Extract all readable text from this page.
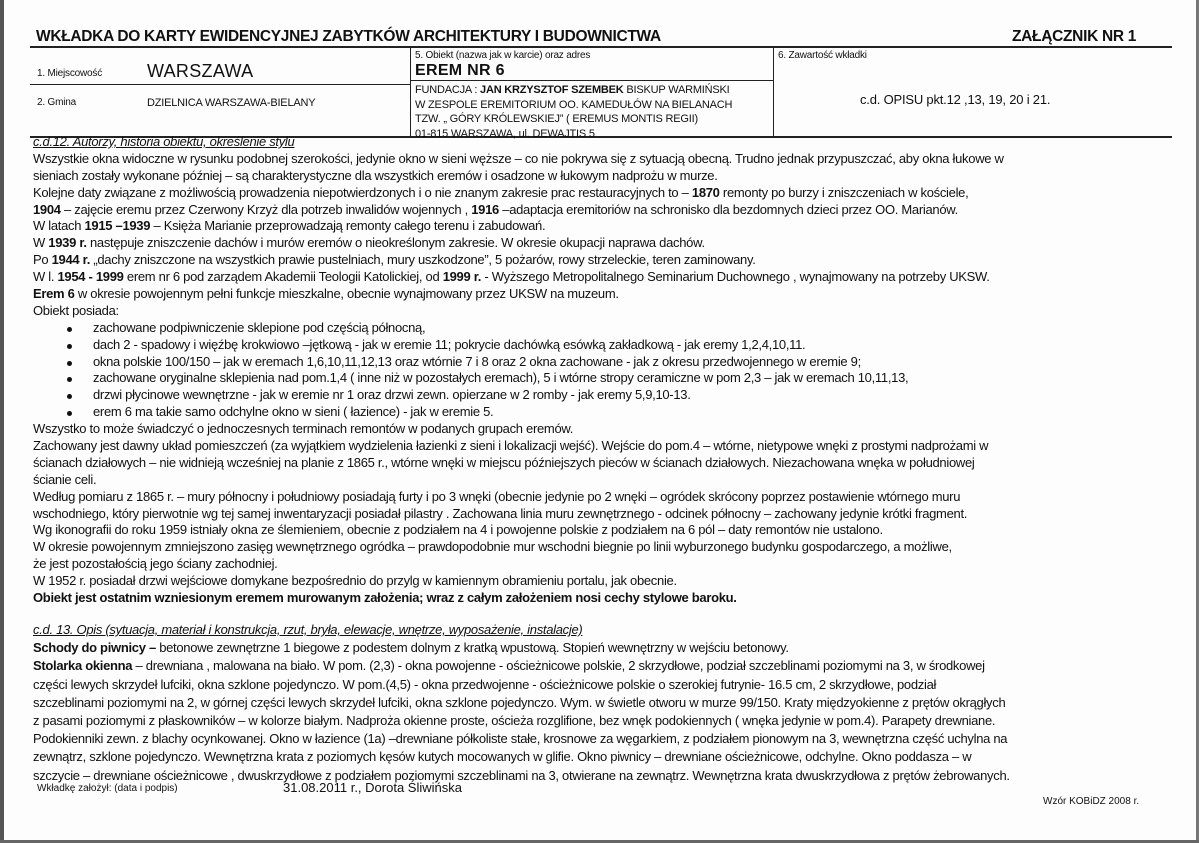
WKŁADKA DO KARTY EWIDENCYJNEJ ZABYTKÓW ARCHITEKTURY I BUDOWNICTWA	ZAŁĄCZNIK NR 1
1. Miejscowość	WARSZAWA
2. Gmina	DZIELNICA WARSZAWA-BIELANY
5. Obiekt (nazwa jak w karcie) oraz adres
EREM NR 6
FUNDACJA : JAN KRZYSZTOF SZEMBEK BISKUP WARMIŃSKI
W ZESPOLE EREMITORIUM OO. KAMEDUŁÓW NA BIELANACH
TZW. „ GÓRY KRÓLEWSKIEJ” ( EREMUS MONTIS REGII)
01-815 WARSZAWA, ul. DEWAJTIS 5
6. Zawartość wkładki
c.d. OPISU pkt.12 ,13, 19, 20 i 21.
c.d.12. Autorzy, historia obiektu, określenie stylu
Wszystkie okna widoczne w rysunku podobnej szerokości, jedynie okno w sieni węższe – co nie pokrywa się z sytuacją obecną. Trudno jednak przypuszczać, aby okna łukowe w
sieniach zostały wykonane później – są charakterystyczne dla wszystkich eremów i osadzone w łukowym nadprożu w murze.
Kolejne daty związane z możliwością prowadzenia niepotwierdzonych i o nie znanym zakresie prac restauracyjnych to – 1870 remonty po burzy i zniszczeniach w kościele,
1904 – zajęcie eremu przez Czerwony Krzyż dla potrzeb inwalidów wojennych , 1916 –adaptacja eremitoriów na schronisko dla bezdomnych dzieci przez OO. Marianów.
W latach 1915 –1939 – Księża Marianie przeprowadzają remonty całego terenu i zabudowań.
W 1939 r. następuje zniszczenie dachów i murów eremów o nieokreślonym zakresie. W okresie okupacji naprawa dachów.
Po 1944 r. „dachy zniszczone na wszystkich prawie pustelniach, mury uszkodzone”, 5 pożarów, rowy strzeleckie, teren zaminowany.
W l. 1954 - 1999 erem nr 6 pod zarządem Akademii Teologii Katolickiej, od 1999 r. - Wyższego Metropolitalnego Seminarium Duchownego , wynajmowany na potrzeby UKSW.
Erem 6 w okresie powojennym pełni funkcje mieszkalne, obecnie wynajmowany przez UKSW na muzeum.
Obiekt posiada:
zachowane podpiwniczenie sklepione pod częścią północną,
dach 2 - spadowy i więźbę krokwiowo –jętkową - jak w eremie 11; pokrycie dachówką esówką zakładkową - jak eremy 1,2,4,10,11.
okna polskie 100/150 – jak w eremach 1,6,10,11,12,13 oraz wtórnie 7 i 8 oraz 2 okna zachowane - jak z okresu przedwojennego w eremie 9;
zachowane oryginalne sklepienia nad pom.1,4 ( inne niż w pozostałych eremach), 5 i wtórne stropy ceramiczne w pom 2,3 – jak w eremach 10,11,13,
drzwi płycinowe wewnętrzne - jak w eremie nr 1 oraz drzwi zewn. opierzane w 2 romby - jak eremy 5,9,10-13.
erem 6 ma takie samo odchylne okno w sieni ( łazience) - jak w eremie 5.
Wszystko to może świadczyć o jednoczesnych terminach remontów w podanych grupach eremów.
Zachowany jest dawny układ pomieszczeń (za wyjątkiem wydzielenia łazienki z sieni i lokalizacji wejść). Wejście do pom.4 – wtórne, nietypowe wnęki z prostymi nadprożami w
ścianach działowych – nie widnieją wcześniej na planie z 1865 r., wtórne wnęki w miejscu późniejszych pieców w ścianach działowych. Niezachowana wnęka w południowej
ścianie celi.
Według pomiaru z 1865 r. – mury północny i południowy posiadają furty i po 3 wnęki (obecnie jedynie po 2 wnęki – ogródek skrócony poprzez postawienie wtórnego muru
wschodniego, który pierwotnie wg tej samej inwentaryzacji posiadał pilastry . Zachowana linia muru zewnętrznego - odcinek północny – zachowany jedynie krótki fragment.
Wg ikonografii do roku 1959 istniały okna ze ślemieniem, obecnie z podziałem na 4 i powojenne polskie z podziałem na 6 pól – daty remontów nie ustalono.
W okresie powojennym zmniejszono zasięg wewnętrznego ogródka – prawdopodobnie mur wschodni biegnie po linii wyburzonego budynku gospodarczego, a możliwe,
że jest pozostałością jego ściany zachodniej.
W 1952 r. posiadał drzwi wejściowe domykane bezpośrednio do przylg w kamiennym obramieniu portalu, jak obecnie.
Obiekt jest ostatnim wzniesionym eremem murowanym założenia; wraz z całym założeniem nosi cechy stylowe baroku.
c.d. 13. Opis (sytuacja, materiał i konstrukcja, rzut, bryła, elewacje, wnętrze, wyposażenie, instalacje)
Schody do piwnicy – betonowe zewnętrzne 1 biegowe z podestem dolnym z kratką wpustową. Stopień wewnętrzny w wejściu betonowy.
Stolarka okienna – drewniana , malowana na biało. W pom. (2,3) - okna powojenne - ościeżnicowe polskie, 2 skrzydłowe, podział szczeblinami poziomymi na 3, w środkowej
części lewych skrzydeł lufciki, okna szklone pojedynczo. W pom.(4,5) - okna przedwojenne - ościeżnicowe polskie o szerokiej futrynie- 16.5 cm, 2 skrzydłowe, podział
szczeblinami poziomymi na 2, w górnej części lewych skrzydeł lufciki, okna szklone pojedynczo. Wym. w świetle otworu w murze 99/150. Kraty międzyokienne z prętów okrągłych
z pasami poziomymi z płaskowników – w kolorze białym. Nadproża okienne proste, ościeża rozglifione, bez wnęk podokiennych ( wnęka jedynie w pom.4). Parapety drewniane.
Podokienniki zewn. z blachy ocynkowanej. Okno w łazience (1a) –drewniane półkoliste stałe, krosnowe za węgarkiem, z podziałem pionowym na 3, wewnętrzna część uchylna na
zewnątrz, szklone pojedynczo. Wewnętrzna krata z poziomych kęsów kutych mocowanych w glifie. Okno piwnicy – drewniane ościeżnicowe, odchylne. Okno poddasza – w
szczycie – drewniane ościeżnicowe , dwuskrzydłowe z podziałem poziomymi szczeblinami na 3, otwierane na zewnątrz. Wewnętrzna krata dwuskrzydłowa z prętów żebrowanych.
Wkładkę założył: (data i podpis)	31.08.2011 r., Dorota Śliwińska
Wzór KOBiDZ 2008 r.
